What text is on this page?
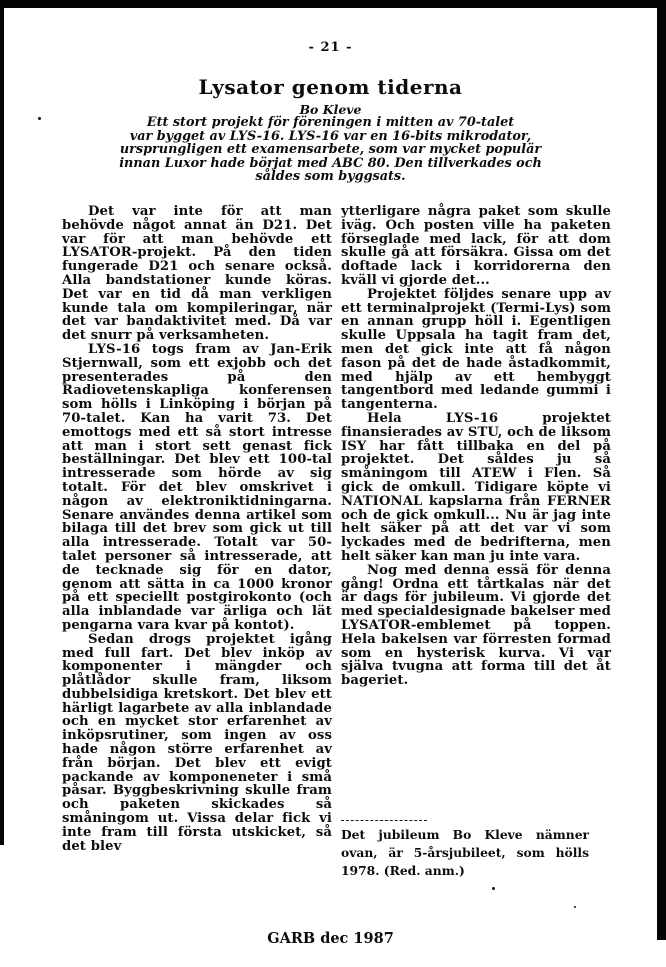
- 21 -
Lysator genom tiderna
Bo Kleve
Ett stort projekt för föreningen i mitten av 70-talet
var bygget av LYS-16. LYS-16 var en 16-bits mikrodator,
ursprungligen ett examensarbete, som var mycket populär
innan Luxor hade börjat med ABC 80. Den tillverkades och
såldes som byggsats.

Det var inte för att man behövde något annat än D21. Det var för att man behövde ett LYSATOR-projekt. På den tiden fungerade D21 och senare också. Alla bandstationer kunde köras. Det var en tid då man verkligen kunde tala om kompileringar, när det var bandaktivitet med. Då var det snurr på verksamheten.

LYS-16 togs fram av Jan-Erik Stjernwall, som ett exjobb och det presenterades på den Radiovetenskapliga konferensen som hölls i Linköping i början på 70-talet. Kan ha varit 73. Det emottogs med ett så stort intresse att man i stort sett genast fick beställningar. Det blev ett 100-tal intresserade som hörde av sig totalt. För det blev omskrivet i någon av elektroniktidningarna. Senare användes denna artikel som bilaga till det brev som gick ut till alla intresserade. Totalt var 50-talet personer så intresserade, att de tecknade sig för en dator, genom att sätta in ca 1000 kronor på ett speciellt postgirokonto (och alla inblandade var ärliga och lät pengarna vara kvar på kontot).

Sedan drogs projektet igång med full fart. Det blev inköp av komponenter i mängder och plåtlådor skulle fram, liksom dubbelsidiga kretskort. Det blev ett härligt lagarbete av alla inblandade och en mycket stor erfarenhet av inköpsrutiner, som ingen av oss hade någon större erfarenhet av från början. Det blev ett evigt packande av komponeneter i små påsar. Byggbeskrivning skulle fram och paketen skickades så småningom ut. Vissa delar fick vi inte fram till första utskicket, så det blev

ytterligare några paket som skulle iväg. Och posten ville ha paketen förseglade med lack, för att dom skulle gå att försäkra. Gissa om det doftade lack i korridorerna den kväll vi gjorde det...

Projektet följdes senare upp av ett terminalprojekt (Termi-Lys) som en annan grupp höll i. Egentligen skulle Uppsala ha tagit fram det, men det gick inte att få någon fason på det de hade åstadkommit, med hjälp av ett hembyggt tangentbord med ledande gummi i tangenterna.

Hela LYS-16 projektet finansierades av STU, och de liksom ISY har fått tillbaka en del på projektet. Det såldes ju så småningom till ATEW i Flen. Så gick de omkull. Tidigare köpte vi NATIONAL kapslarna från FERNER och de gick omkull... Nu är jag inte helt säker på att det var vi som lyckades med de bedrifterna, men helt säker kan man ju inte vara.

Nog med denna essä för denna gång! Ordna ett tårtkalas när det är dags för jubileum. Vi gjorde det med specialdesignade bakelser med LYSATOR-emblemet på toppen. Hela bakelsen var förresten formad som en hysterisk kurva. Vi var själva tvugna att forma till det åt bageriet.

Det jubileum Bo Kleve nämner ovan, är 5-årsjubileet, som hölls 1978. (Red. anm.)

GARB dec 1987
